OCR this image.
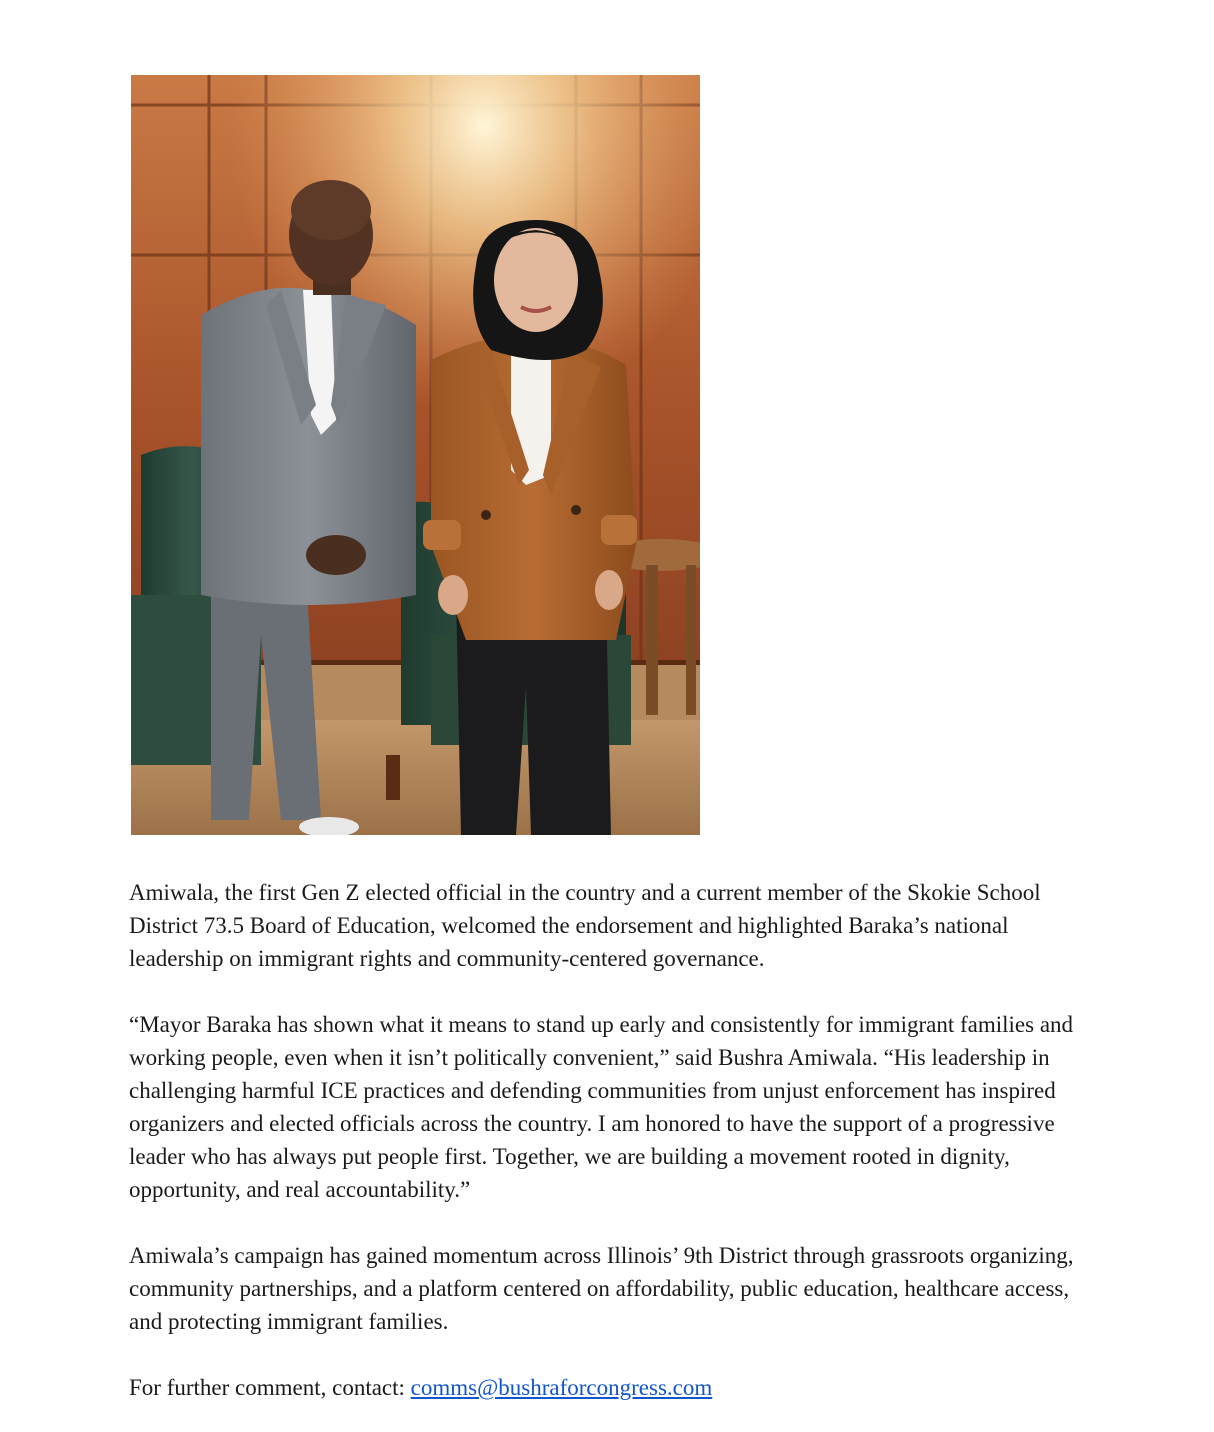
Amiwala, the first Gen Z elected official in the country and a current member of the Skokie School District 73.5 Board of Education, welcomed the endorsement and highlighted Baraka’s national leadership on immigrant rights and community-centered governance.

“Mayor Baraka has shown what it means to stand up early and consistently for immigrant families and working people, even when it isn’t politically convenient,” said Bushra Amiwala. “His leadership in challenging harmful ICE practices and defending communities from unjust enforcement has inspired organizers and elected officials across the country. I am honored to have the support of a progressive leader who has always put people first. Together, we are building a movement rooted in dignity, opportunity, and real accountability.”

Amiwala’s campaign has gained momentum across Illinois’ 9th District through grassroots organizing, community partnerships, and a platform centered on affordability, public education, healthcare access, and protecting immigrant families.

For further comment, contact: comms@bushraforcongress.com
